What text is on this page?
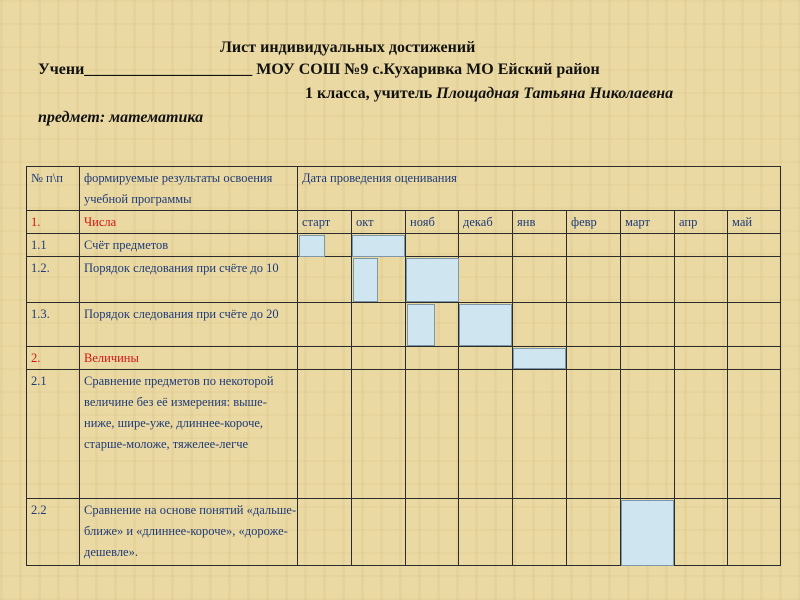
Лист индивидуальных достижений
Учени_____________________ МОУ СОШ №9 с.Кухаривка МО Ейский район
1 класса, учитель Площадная Татьяна Николаевна
предмет: математика
№ п\п	формируемые результаты освоения учебной программы
Дата проведения оценивания
1.	Числа	старт	окт	нояб	декаб	янв	февр	март	апр	май
1.1	Счёт предметов
1.2.	Порядок следования при счёте до 10
1.3.	Порядок следования при счёте до 20
2.	Величины
2.1	Сравнение предметов по некоторой величине без её измерения: выше-ниже, шире-уже, длиннее-короче, старше-моложе, тяжелее-легче
2.2	Сравнение на основе понятий «дальше-ближе» и «длиннее-короче», «дороже-дешевле».
